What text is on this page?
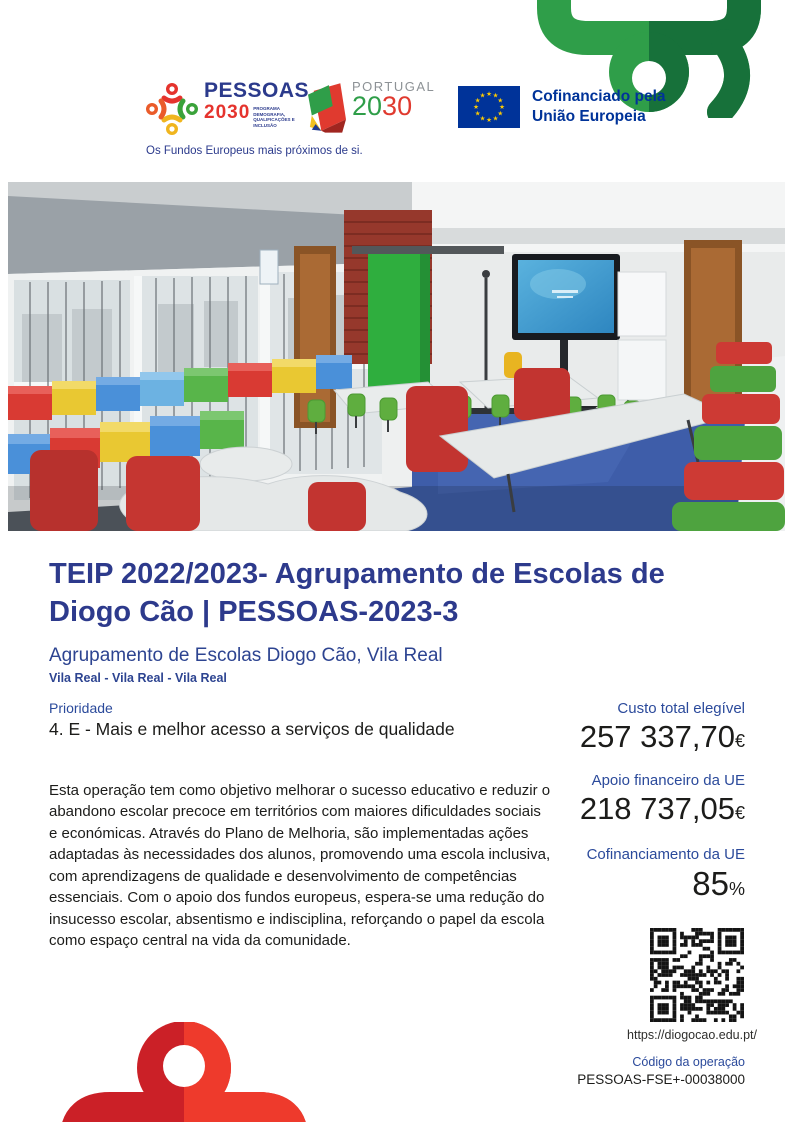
PESSOAS
2030 PROGRAMA DEMOGRAFIA, QUALIFICAÇÕES E INCLUSÃO
PORTUGAL
2030	★ ★
★
★
★
★
★
★
★
★
★
★	Cofinanciado pela
União Europeia
Os Fundos Europeus mais próximos de si.
TEIP 2022/2023- Agrupamento de Escolas de Diogo Cão | PESSOAS-2023-3
Agrupamento de Escolas Diogo Cão, Vila Real
Vila Real - Vila Real - Vila Real
Prioridade
4. E - Mais e melhor acesso a serviços de qualidade

Esta operação tem como objetivo melhorar o sucesso educativo e reduzir o abandono escolar precoce em territórios com maiores dificuldades sociais e económicas. Através do Plano de Melhoria, são implementadas ações adaptadas às necessidades dos alunos, promovendo uma escola inclusiva, com aprendizagens de qualidade e desenvolvimento de competências essenciais. Com o apoio dos fundos europeus, espera-se uma redução do insucesso escolar, absentismo e indisciplina, reforçando o papel da escola como espaço central na vida da comunidade.

Custo total elegível
257 337,70€
Apoio financeiro da UE
218 737,05€
Cofinanciamento da UE
85%
https://diogocao.edu.pt/
Código da operação
PESSOAS-FSE+-00038000
